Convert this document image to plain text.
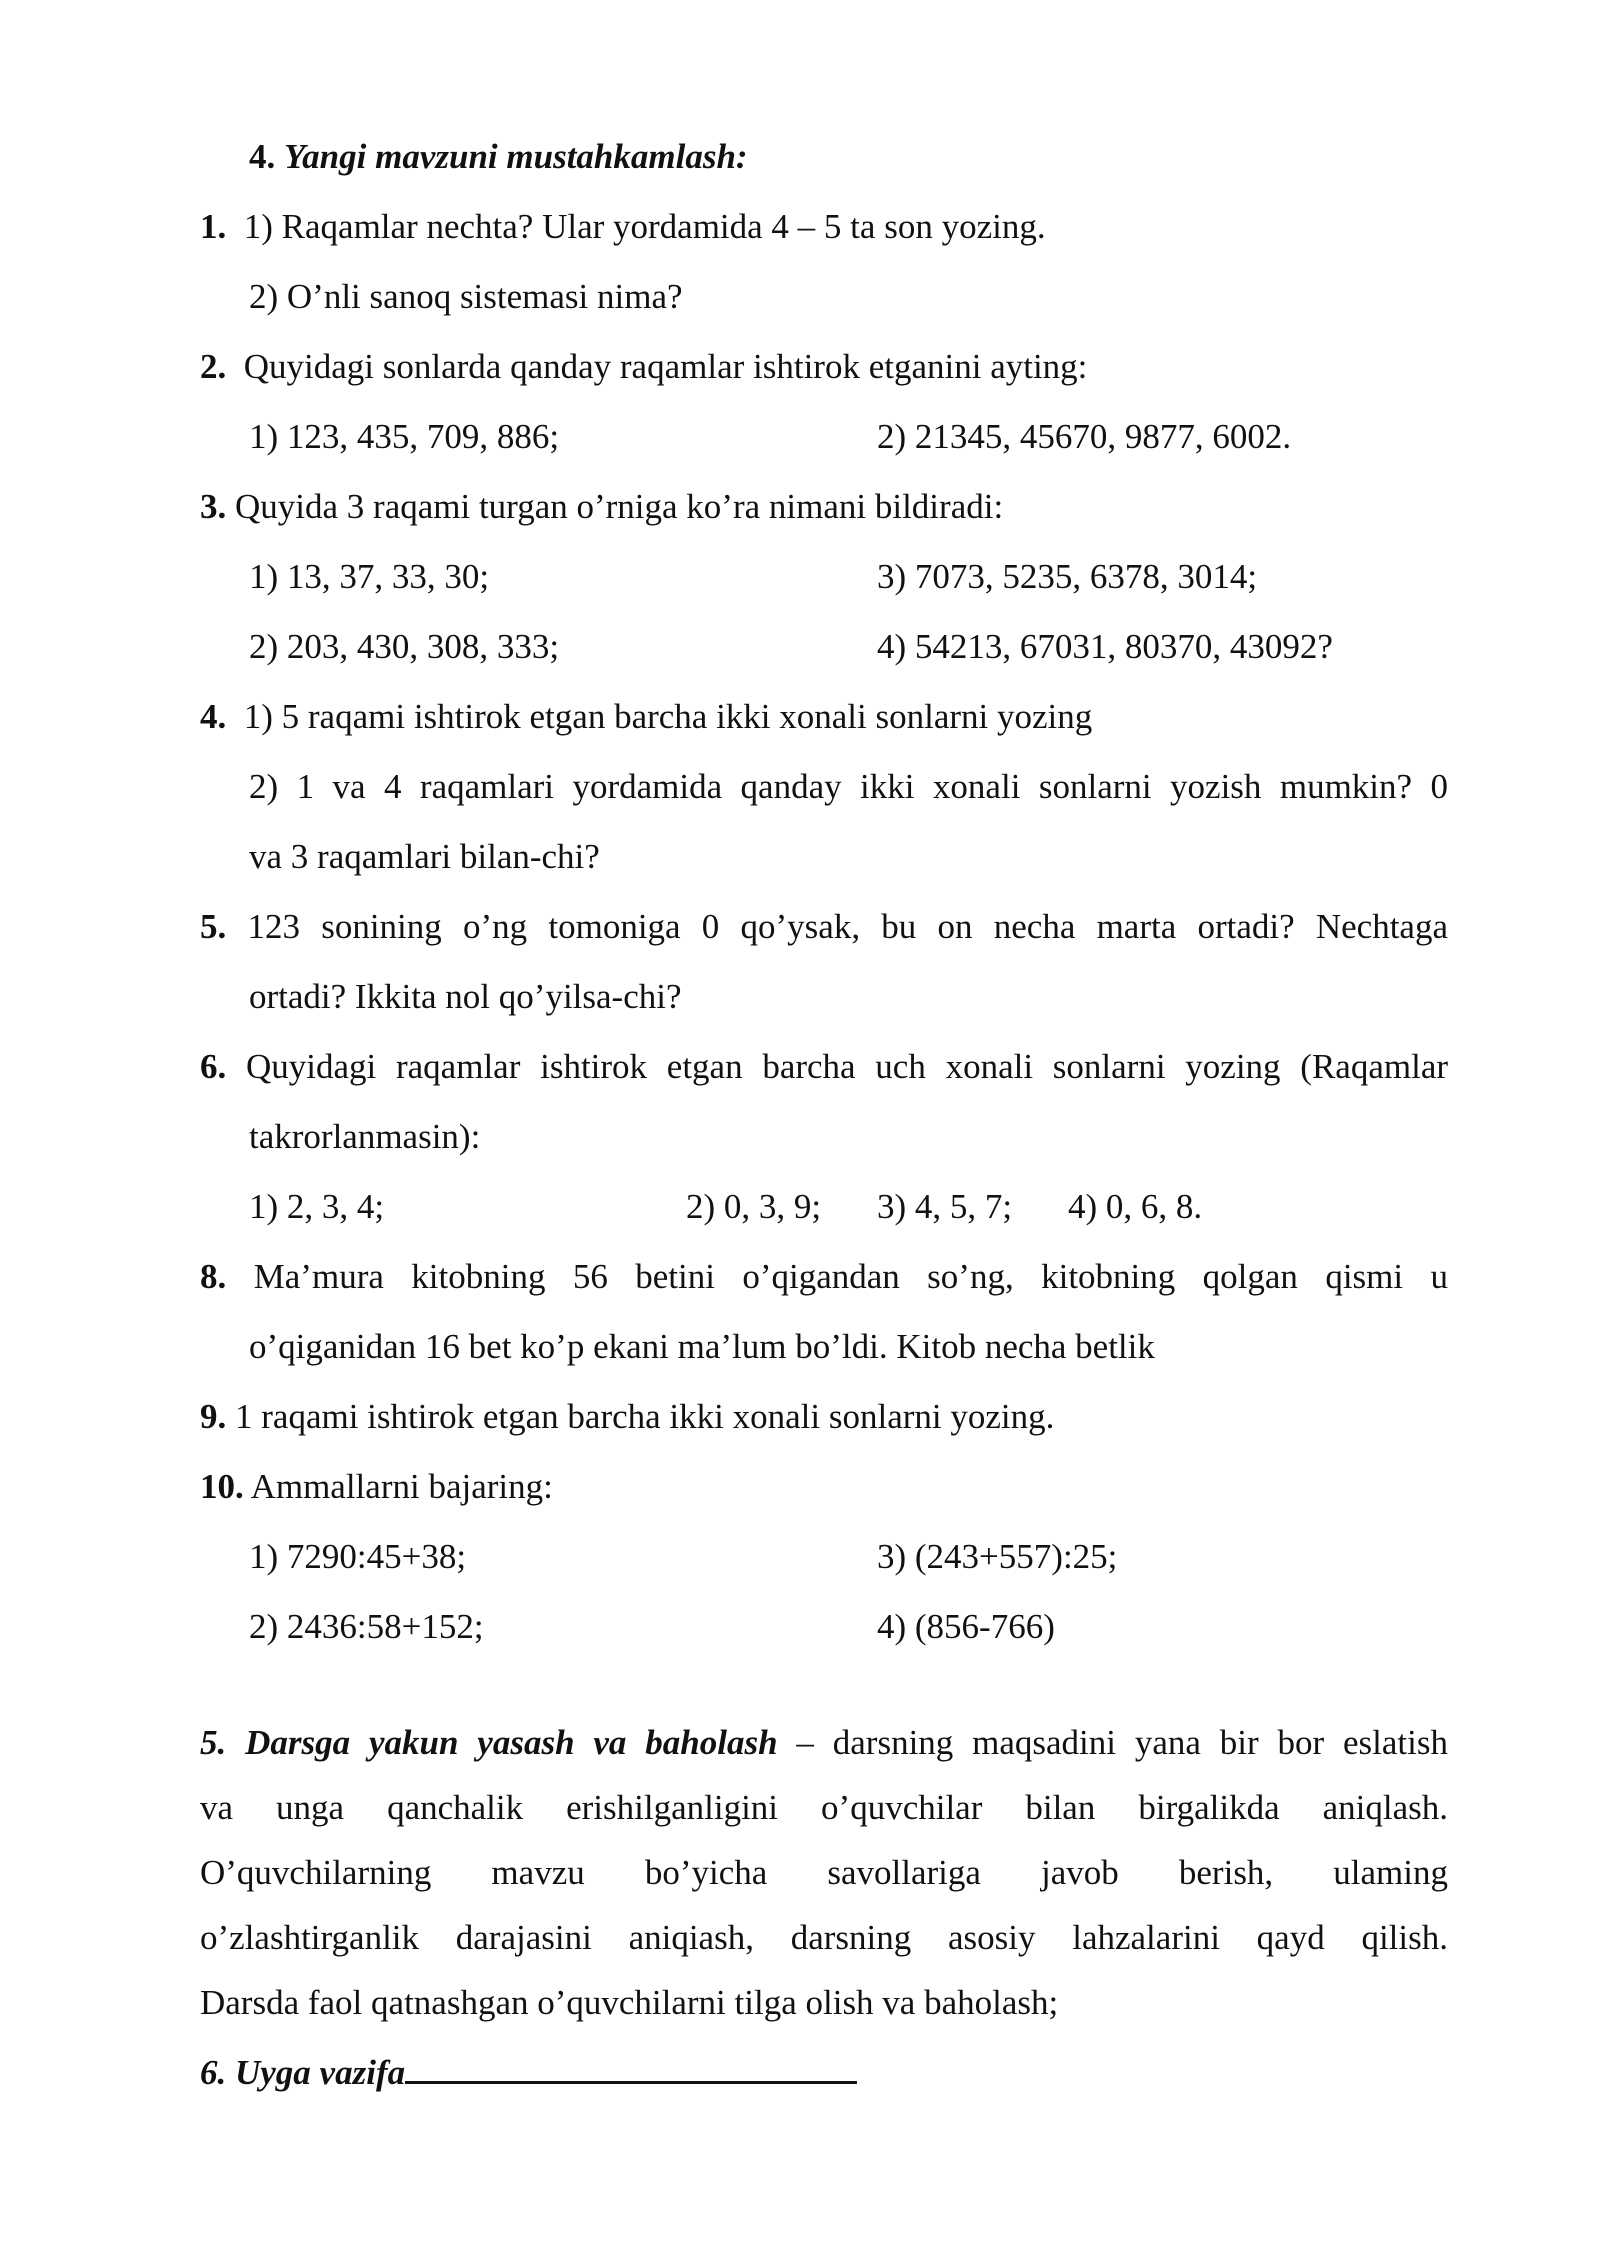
4. Yangi mavzuni mustahkamlash:
1. 1) Raqamlar nechta? Ular yordamida 4 – 5 ta son yozing.
2) O’nli sanoq sistemasi nima?
2. Quyidagi sonlarda qanday raqamlar ishtirok etganini ayting:
1) 123, 435, 709, 886;	2) 21345, 45670, 9877, 6002.
3. Quyida 3 raqami turgan o’rniga ko’ra nimani bildiradi:
1) 13, 37, 33, 30;	3) 7073, 5235, 6378, 3014;
2) 203, 430, 308, 333;	4) 54213, 67031, 80370, 43092?
4. 1) 5 raqami ishtirok etgan barcha ikki xonali sonlarni yozing
2) 1 va 4 raqamlari yordamida qanday ikki xonali sonlarni yozish mumkin? 0
va 3 raqamlari bilan-chi?
5. 123 sonining o’ng tomoniga 0 qo’ysak, bu on necha marta ortadi? Nechtaga
ortadi? Ikkita nol qo’yilsa-chi?
6. Quyidagi raqamlar ishtirok etgan barcha uch xonali sonlarni yozing (Raqamlar
takrorlanmasin):
1) 2, 3, 4;	2) 0, 3, 9; 3) 4, 5, 7; 4) 0, 6, 8.
8. Ma’mura kitobning 56 betini o’qigandan so’ng, kitobning qolgan qismi u
o’qiganidan 16 bet ko’p ekani ma’lum bo’ldi. Kitob necha betlik
9. 1 raqami ishtirok etgan barcha ikki xonali sonlarni yozing.
10. Ammallarni bajaring:
1) 7290:45+38;	3) (243+557):25;
2) 2436:58+152;	4) (856-766)
5. Darsga yakun yasash va baholash – darsning maqsadini yana bir bor eslatish
va unga qanchalik erishilganligini o’quvchilar bilan birgalikda aniqlash.
O’quvchilarning mavzu bo’yicha savollariga javob berish, ulaming
o’zlashtirganlik darajasini aniqiash, darsning asosiy lahzalarini qayd qilish.
Darsda faol qatnashgan o’quvchilarni tilga olish va baholash;
6. Uyga vazifa
